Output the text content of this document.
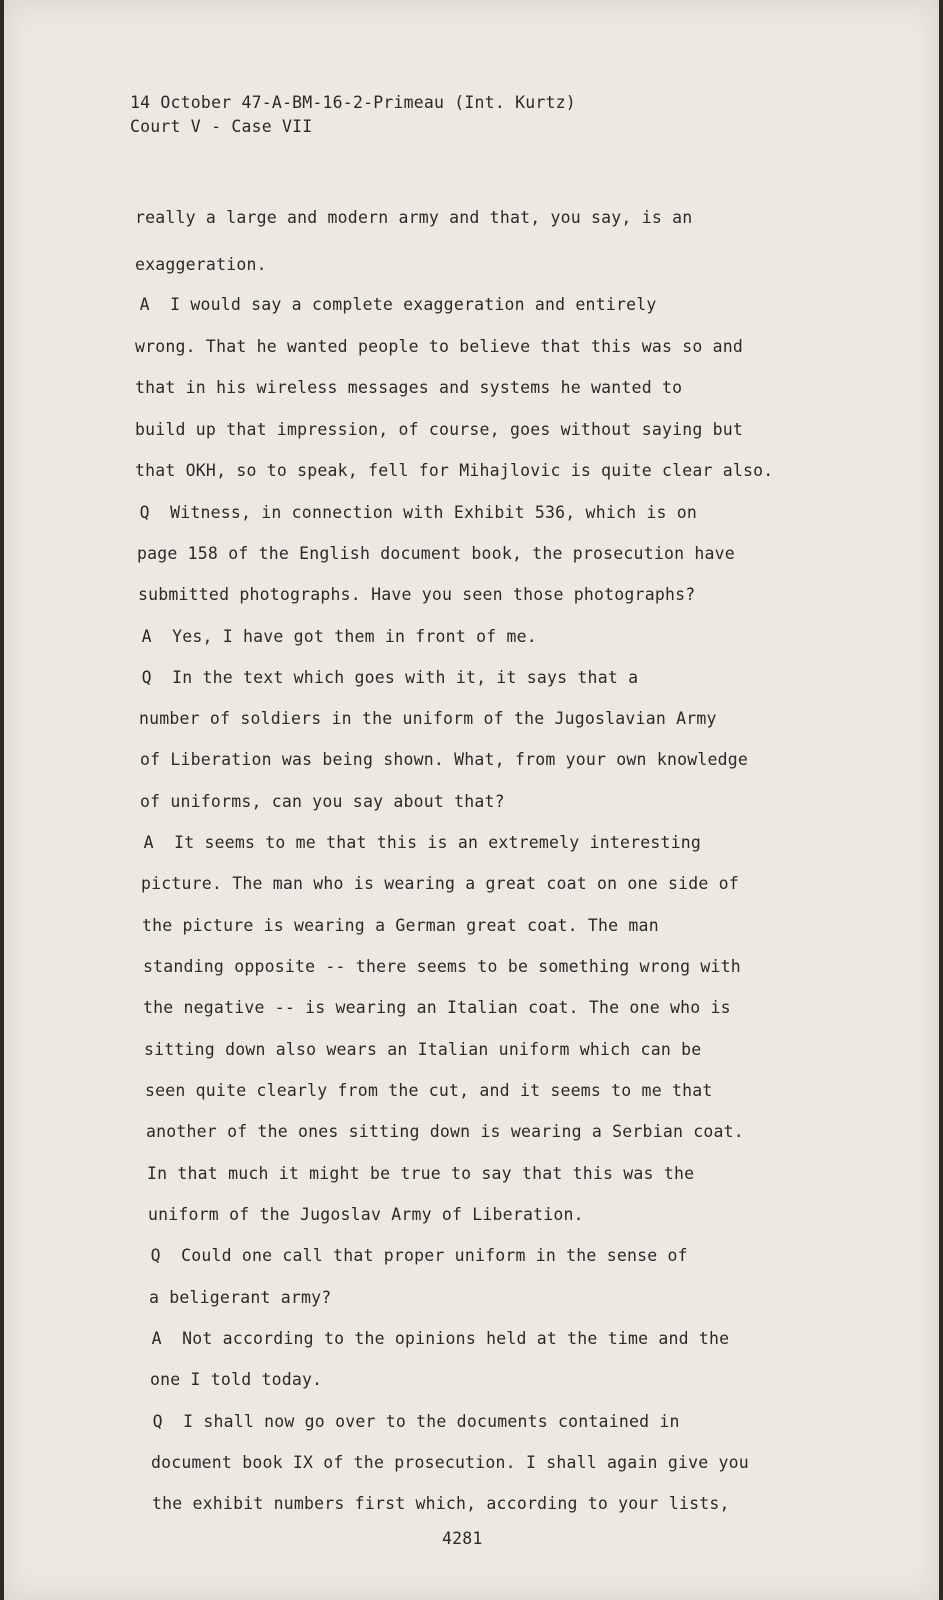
14 October 47-A-BM-16-2-Primeau (Int. Kurtz)
Court V - Case VII
really a large and modern army and that, you say, is an
exaggeration.
A  I would say a complete exaggeration and entirely
wrong. That he wanted people to believe that this was so and
that in his wireless messages and systems he wanted to
build up that impression, of course, goes without saying but
that OKH, so to speak, fell for Mihajlovic is quite clear also.
Q  Witness, in connection with Exhibit 536, which is on
page 158 of the English document book, the prosecution have
submitted photographs. Have you seen those photographs?
A  Yes, I have got them in front of me.
Q  In the text which goes with it, it says that a
number of soldiers in the uniform of the Jugoslavian Army
of Liberation was being shown. What, from your own knowledge
of uniforms, can you say about that?
A  It seems to me that this is an extremely interesting
picture. The man who is wearing a great coat on one side of
the picture is wearing a German great coat. The man
standing opposite -- there seems to be something wrong with
the negative -- is wearing an Italian coat. The one who is
sitting down also wears an Italian uniform which can be
seen quite clearly from the cut, and it seems to me that
another of the ones sitting down is wearing a Serbian coat.
In that much it might be true to say that this was the
uniform of the Jugoslav Army of Liberation.
Q  Could one call that proper uniform in the sense of
a beligerant army?
A  Not according to the opinions held at the time and the
one I told today.
Q  I shall now go over to the documents contained in
document book IX of the prosecution. I shall again give you
the exhibit numbers first which, according to your lists,
4281
